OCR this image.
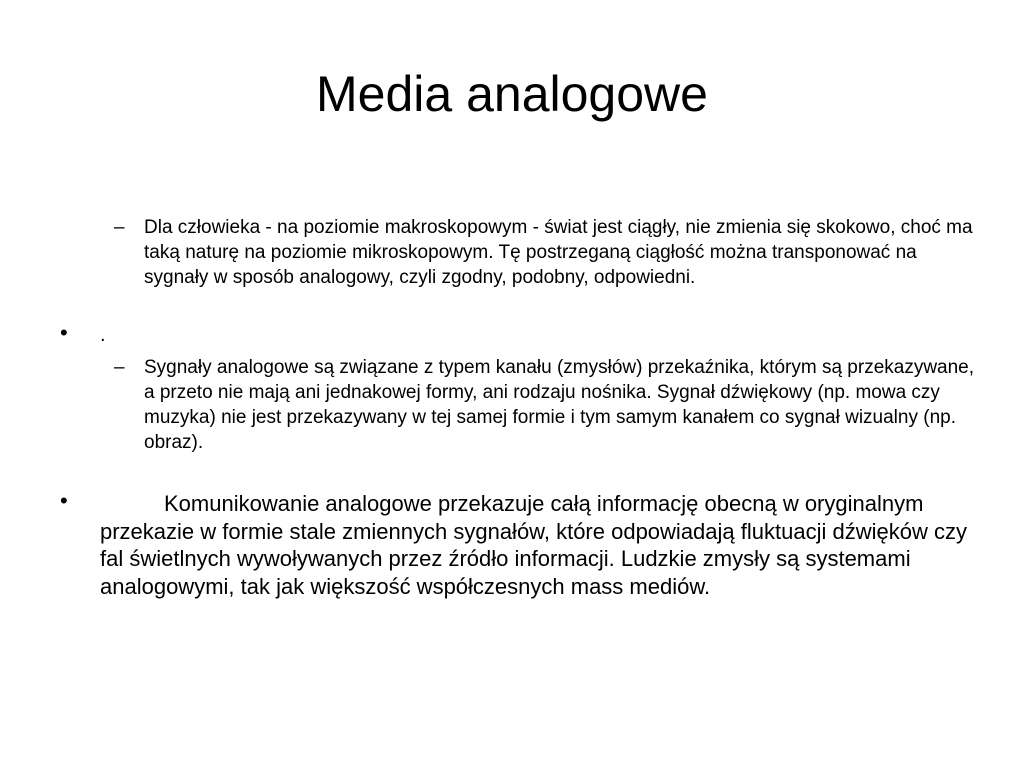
Media analogowe
– Dla człowieka - na poziomie makroskopowym - świat jest ciągły, nie zmienia się skokowo, choć ma taką naturę na poziomie mikroskopowym. Tę postrzeganą ciągłość można transponować na sygnały w sposób analogowy, czyli zgodny, podobny, odpowiedni.
• .
– Sygnały analogowe są związane z typem kanału (zmysłów) przekaźnika, którym są przekazywane, a przeto nie mają ani jednakowej formy, ani rodzaju nośnika. Sygnał dźwiękowy (np. mowa czy muzyka) nie jest przekazywany w tej samej formie i tym samym kanałem co sygnał wizualny (np. obraz).
•	Komunikowanie analogowe przekazuje całą informację obecną w oryginalnym przekazie w formie stale zmiennych sygnałów, które odpowiadają fluktuacji dźwięków czy fal świetlnych wywoływanych przez źródło informacji. Ludzkie zmysły są systemami analogowymi, tak jak większość współczesnych mass mediów.
